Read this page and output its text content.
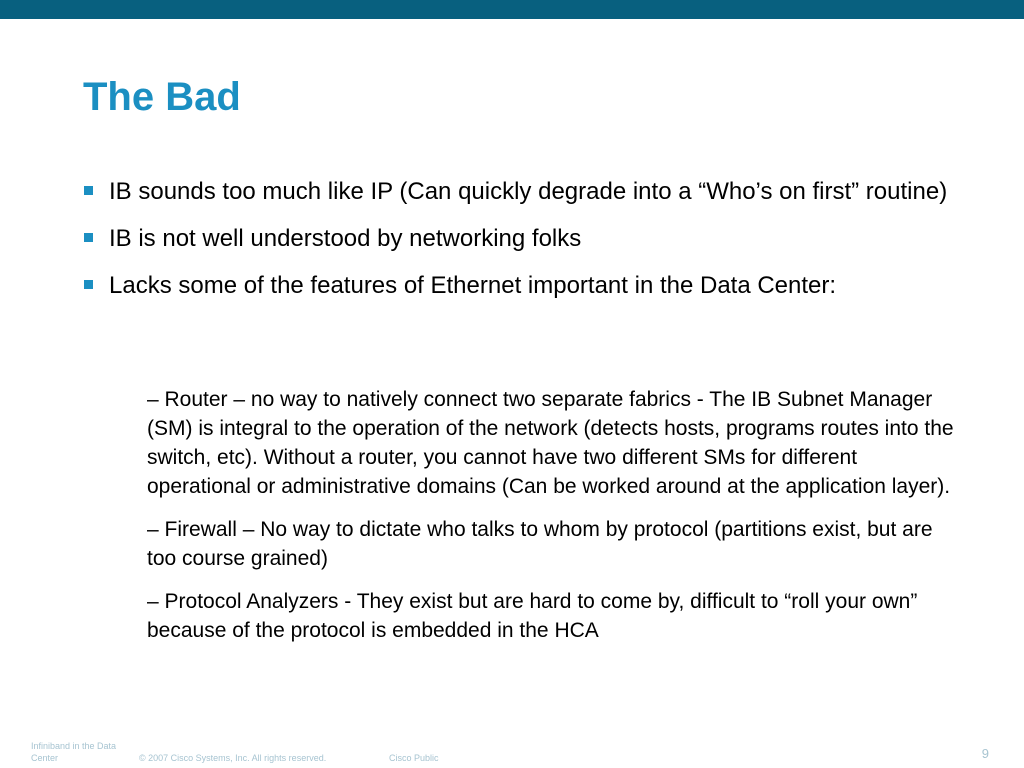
The Bad
IB sounds too much like IP (Can quickly degrade into a “Who’s on first” routine)
IB is not well understood by networking folks
Lacks some of the features of Ethernet important in the Data Center:
– Router – no way to natively connect two separate fabrics - The IB Subnet Manager (SM) is integral to the operation of the network (detects hosts, programs routes into the switch, etc). Without a router, you cannot have two different SMs for different operational or administrative domains (Can be worked around at the application layer).
– Firewall – No way to dictate who talks to whom by protocol (partitions exist, but are too course grained)
– Protocol Analyzers - They exist but are hard to come by, difficult to “roll your own” because of the protocol is embedded in the HCA
Infiniband in the Data Center	© 2007 Cisco Systems, Inc. All rights reserved.	Cisco Public	9
